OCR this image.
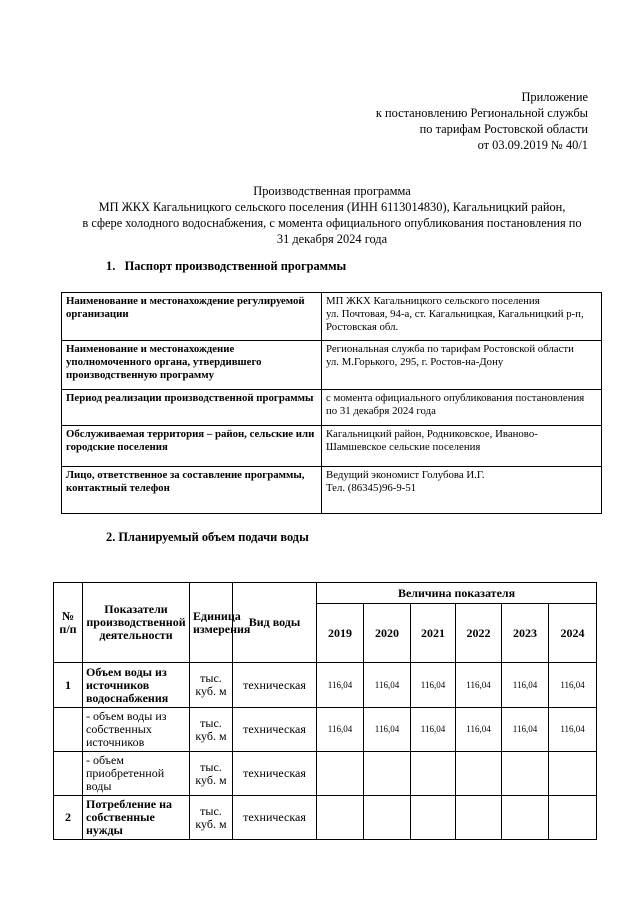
Приложение
к постановлению Региональной службы
по тарифам Ростовской области
от 03.09.2019 № 40/1
Производственная программа
МП ЖКХ Кагальницкого сельского поселения (ИНН 6113014830), Кагальницкий район,
в сфере холодного водоснабжения, с момента официального опубликования постановления по
31 декабря 2024 года
1. Паспорт производственной программы
Наименование и местонахождение регулируемой организации	МП ЖКХ Кагальницкого сельского поселения
ул. Почтовая, 94-а, ст. Кагальницкая, Кагальницкий р-п, Ростовская обл.

Наименование и местонахождение уполномоченного органа, утвердившего производственную программу	Региональная служба по тарифам Ростовской области
ул. М.Горького, 295, г. Ростов-на-Дону

Период реализации производственной программы	с момента официального опубликования постановления по 31 декабря 2024 года

Обслуживаемая территория – район, сельские или городские поселения	Кагальницкий район, Родниковское, Иваново-Шамшевское сельские поселения

Лицо, ответственное за составление программы, контактный телефон	Ведущий экономист Голубова И.Г.
Тел. (86345)96-9-51
2. Планируемый объем подачи воды
№ п/п	Показатели производственной деятельности	Единица измерения	Вид воды	Величина показателя					
				2019	2020	2021	2022	2023	2024
1	Объем воды из источников водоснабжения	тыс. куб. м	техническая	116,04	116,04	116,04	116,04	116,04	116,04
	- объем воды из собственных источников	тыс. куб. м	техническая	116,04	116,04	116,04	116,04	116,04	116,04
	- объем приобретенной воды	тыс. куб. м	техническая						
2	Потребление на собственные нужды	тыс. куб. м	техническая						
